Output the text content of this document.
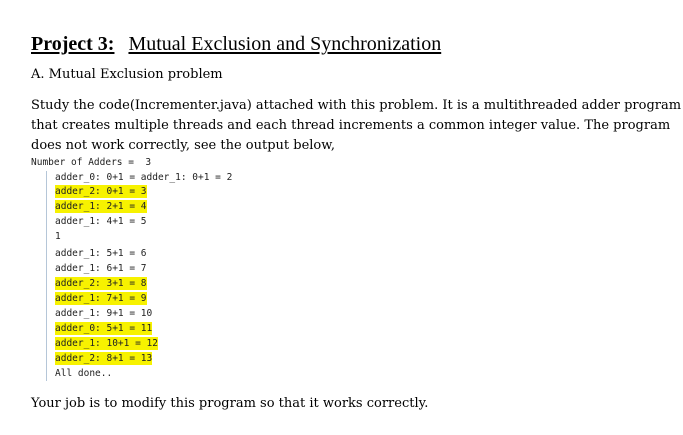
Project 3: Mutual Exclusion and Synchronization
A. Mutual Exclusion problem
Study the code(Incrementer.java) attached with this problem. It is a multithreaded adder program
that creates multiple threads and each thread increments a common integer value. The program
does not work correctly, see the output below,
Number of Adders =  3
adder_0: 0+1 = adder_1: 0+1 = 2
adder_2: 0+1 = 3
adder_1: 2+1 = 4
adder_1: 4+1 = 5
1
adder_1: 5+1 = 6
adder_1: 6+1 = 7
adder_2: 3+1 = 8
adder_1: 7+1 = 9
adder_1: 9+1 = 10
adder_0: 5+1 = 11
adder_1: 10+1 = 12
adder_2: 8+1 = 13
All done..
Your job is to modify this program so that it works correctly.
